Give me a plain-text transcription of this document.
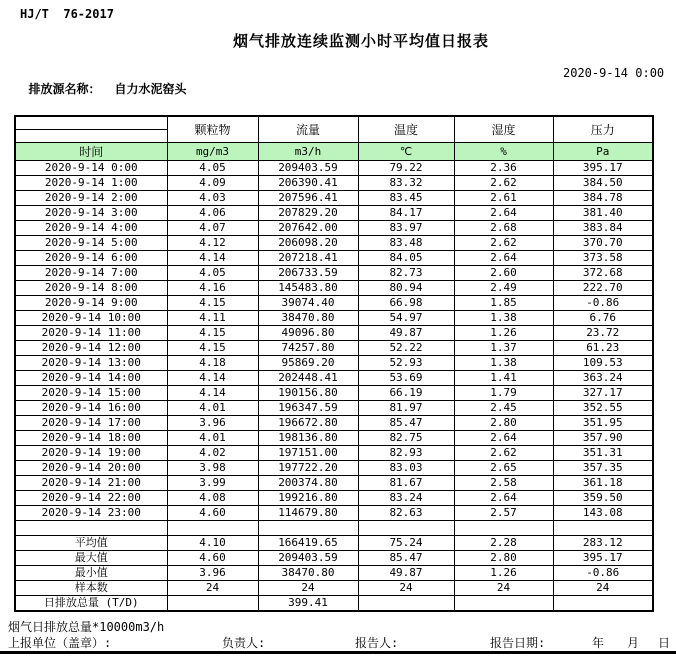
HJ/T  76-2017
烟气排放连续监测小时平均值日报表

排放源名称： 自力水泥窑头

2020-9-14 0:00
	颗粒物	流量	温度	湿度	压力

时间	mg/m3	m3/h	℃	%	Pa
2020-9-14 0:00	4.05	209403.59	79.22	2.36	395.17
2020-9-14 1:00	4.09	206390.41	83.32	2.62	384.50
2020-9-14 2:00	4.03	207596.41	83.45	2.61	384.78
2020-9-14 3:00	4.06	207829.20	84.17	2.64	381.40
2020-9-14 4:00	4.07	207642.00	83.97	2.68	383.84
2020-9-14 5:00	4.12	206098.20	83.48	2.62	370.70
2020-9-14 6:00	4.14	207218.41	84.05	2.64	373.58
2020-9-14 7:00	4.05	206733.59	82.73	2.60	372.68
2020-9-14 8:00	4.16	145483.80	80.94	2.49	222.70
2020-9-14 9:00	4.15	39074.40	66.98	1.85	-0.86
2020-9-14 10:00	4.11	38470.80	54.97	1.38	6.76
2020-9-14 11:00	4.15	49096.80	49.87	1.26	23.72
2020-9-14 12:00	4.15	74257.80	52.22	1.37	61.23
2020-9-14 13:00	4.18	95869.20	52.93	1.38	109.53
2020-9-14 14:00	4.14	202448.41	53.69	1.41	363.24
2020-9-14 15:00	4.14	190156.80	66.19	1.79	327.17
2020-9-14 16:00	4.01	196347.59	81.97	2.45	352.55
2020-9-14 17:00	3.96	196672.80	85.47	2.80	351.95
2020-9-14 18:00	4.01	198136.80	82.75	2.64	357.90
2020-9-14 19:00	4.02	197151.00	82.93	2.62	351.31
2020-9-14 20:00	3.98	197722.20	83.03	2.65	357.35
2020-9-14 21:00	3.99	200374.80	81.67	2.58	361.18
2020-9-14 22:00	4.08	199216.80	83.24	2.64	359.50
2020-9-14 23:00	4.60	114679.80	82.63	2.57	143.08

平均值	4.10	166419.65	75.24	2.28	283.12
最大值	4.60	209403.59	85.47	2.80	395.17
最小值	3.96	38470.80	49.87	1.26	-0.86
样本数	24	24	24	24	24
日排放总量 (T/D)		399.41			
烟气日排放总量*10000m3/h
上报单位（盖章）:	负责人:	报告人:	报告日期:	年 月 日
